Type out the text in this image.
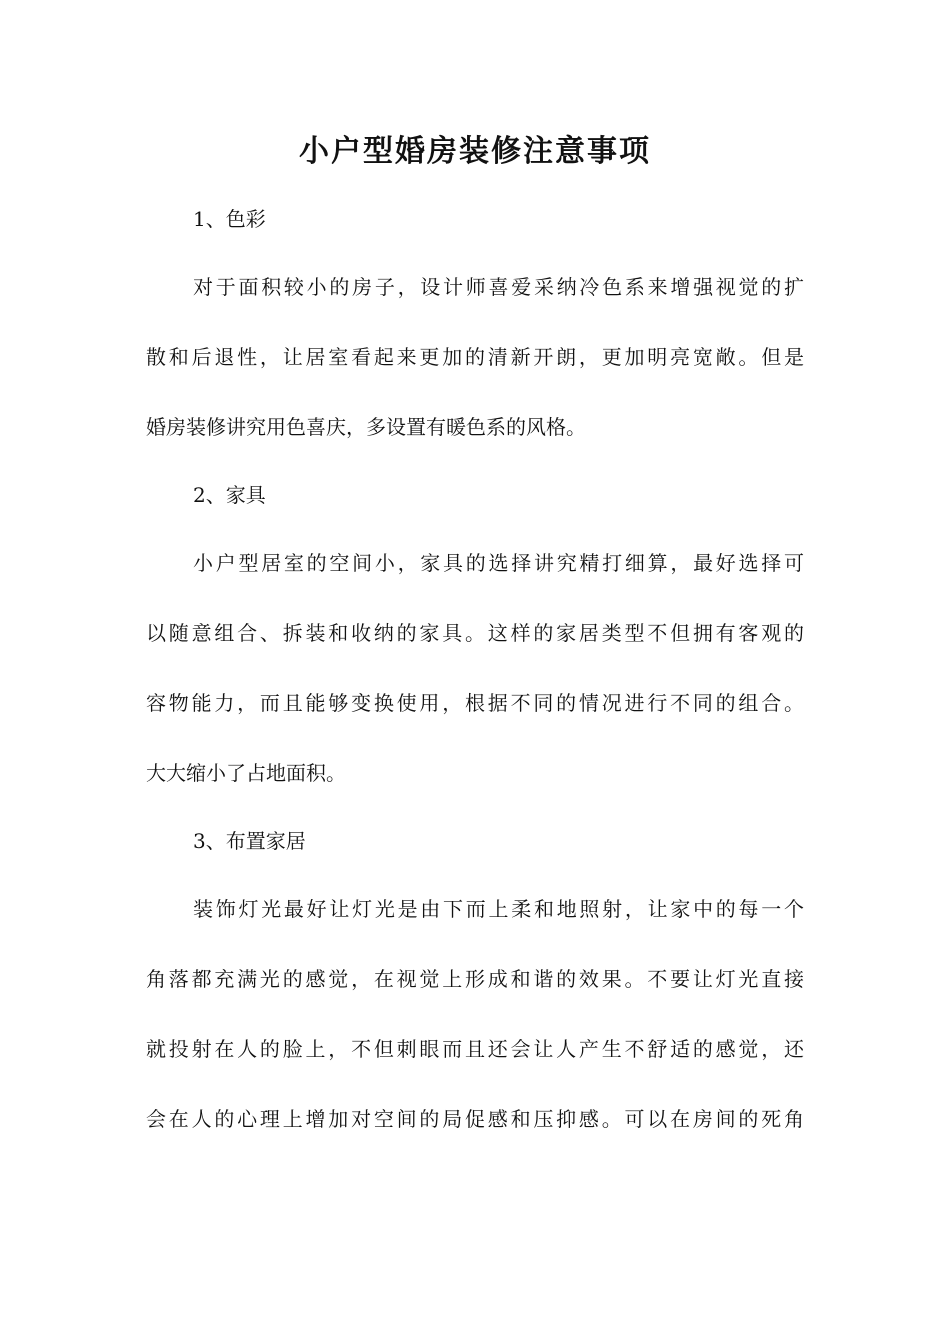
小户型婚房装修注意事项
1、色彩
对于面积较小的房子，设计师喜爱采纳冷色系来增强视觉的扩
散和后退性，让居室看起来更加的清新开朗，更加明亮宽敞。但是
婚房装修讲究用色喜庆，多设置有暖色系的风格。
2、家具
小户型居室的空间小，家具的选择讲究精打细算，最好选择可
以随意组合、拆装和收纳的家具。这样的家居类型不但拥有客观的
容物能力，而且能够变换使用，根据不同的情况进行不同的组合。
大大缩小了占地面积。
3、布置家居
装饰灯光最好让灯光是由下而上柔和地照射，让家中的每一个
角落都充满光的感觉，在视觉上形成和谐的效果。不要让灯光直接
就投射在人的脸上，不但刺眼而且还会让人产生不舒适的感觉，还
会在人的心理上增加对空间的局促感和压抑感。可以在房间的死角
